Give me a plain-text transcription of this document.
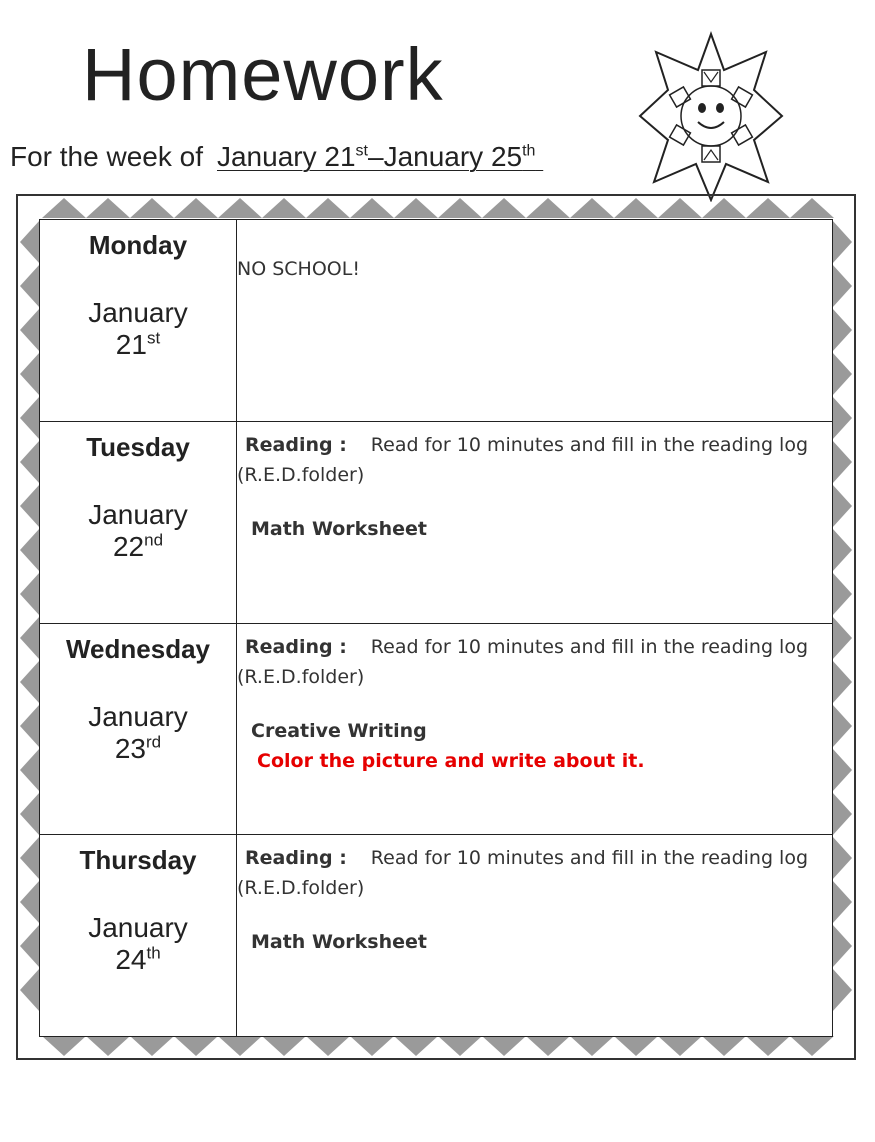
Homework
For the week of January 21st–January 25th
Monday
January
21st	NO SCHOOL!

Tuesday
January
22nd	Reading : Read for 10 minutes and fill in the reading log (R.E.D.folder)
Math Worksheet

Wednesday
January
23rd	Reading : Read for 10 minutes and fill in the reading log (R.E.D.folder)
Creative Writing
Color the picture and write about it.

Thursday
January
24th	Reading : Read for 10 minutes and fill in the reading log (R.E.D.folder)
Math Worksheet
